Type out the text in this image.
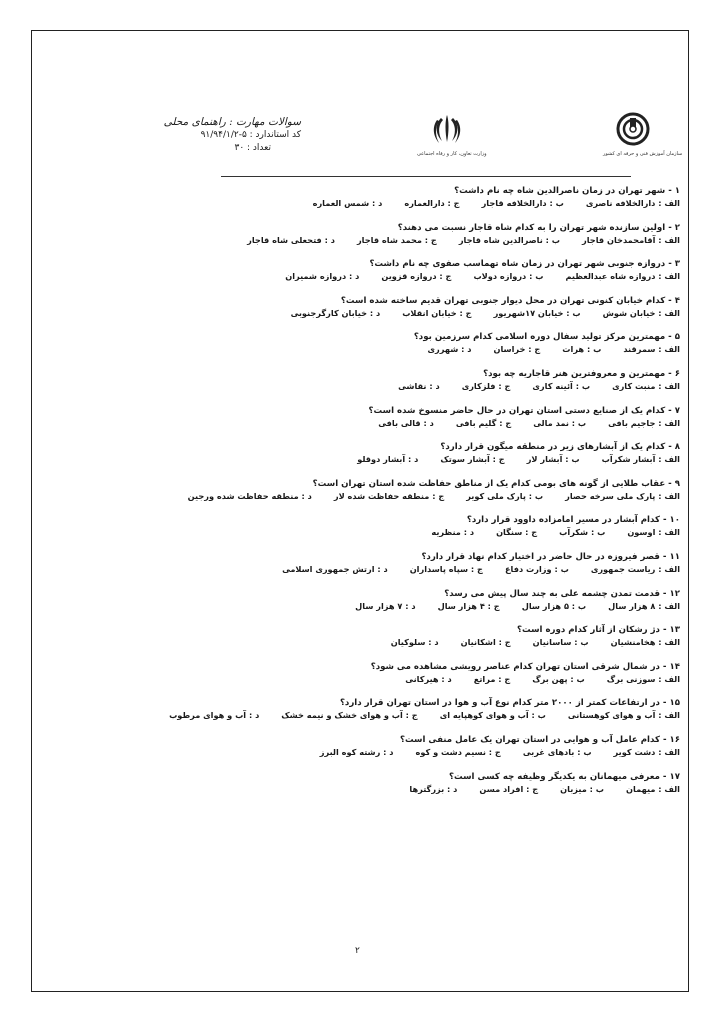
سازمان آموزش فنی و حرفه ای کشور
وزارت تعاون، کار و رفاه اجتماعی
سوالات مهارت : راهنمای محلی
کد استاندارد : ۵-۹۱/۹۴/۱/۲
تعداد : ۳۰
۱ - شهر تهران در زمان ناصرالدین شاه چه نام داشت؟
الف : دارالخلافه ناصریب : دارالخلافه قاجارج : دارالعمارهد : شمس العماره
۲ - اولین سازنده شهر تهران را به کدام شاه قاجار نسبت می دهند؟
الف : آقامحمدخان قاجارب : ناصرالدین شاه قاجارج : محمد شاه قاجارد : فتحعلی شاه قاجار
۳ - دروازه جنوبی شهر تهران در زمان شاه تهماسب صفوی چه نام داشت؟
الف : دروازه شاه عبدالعظیمب : دروازه دولابج : دروازه قزویند : دروازه شمیران
۴ - کدام خیابان کنونی تهران در محل دیوار جنوبی تهران قدیم ساخته شده است؟
الف : خیابان شوشب : خیابان ۱۷شهریورج : خیابان انقلابد : خیابان کارگرجنوبی
۵ - مهمترین مرکز تولید سفال دوره اسلامی کدام سرزمین بود؟
الف : سمرقندب : هراتج : خراساند : شهرری
۶ - مهمترین و معروفترین هنر قاجاریه چه بود؟
الف : منبت کاریب : آئینه کاریج : فلزکارید : نقاشی
۷ - کدام یک از صنایع دستی استان تهران در حال حاضر منسوخ شده است؟
الف : جاجیم بافیب : نمد مالیج : گلیم بافید : قالی بافی
۸ - کدام یک از آبشارهای زیر در منطقه میگون قرار دارد؟
الف : آبشار شکرآبب : آبشار لارج : آبشار سوتکد : آبشار دوقلو
۹ - عقاب طلایی از گونه های بومی کدام یک از مناطق حفاظت شده استان تهران است؟
الف : پارک ملی سرخه حصارب : پارک ملی کویرج : منطقه حفاظت شده لارد : منطقه حفاظت شده ورجین
۱۰ - کدام آبشار در مسیر امامزاده داوود قرار دارد؟
الف : اوسونب : شکرآبج : سنگاند : منظریه
۱۱ - قصر فیروزه در حال حاضر در اختیار کدام نهاد قرار دارد؟
الف : ریاست جمهوریب : وزارت دفاعج : سپاه پاسداراند : ارتش جمهوری اسلامی
۱۲ - قدمت تمدن چشمه علی به چند سال پیش می رسد؟
الف : ۸ هزار سالب : ۵ هزار سالج : ۴ هزار سالد : ۷ هزار سال
۱۳ - دژ رشکان از آثار کدام دوره است؟
الف : هخامنشیانب : ساسانیانج : اشکانیاند : سلوکیان
۱۴ - در شمال شرقی استان تهران کدام عناصر رویشی مشاهده می شود؟
الف : سوزنی برگب : پهن برگج : مراتعد : هیرکانی
۱۵ - در ارتفاعات کمتر از ۲۰۰۰ متر کدام نوع آب و هوا در استان تهران قرار دارد؟
الف : آب و هوای کوهستانیب : آب و هوای کوهپایه ایج : آب و هوای خشک و نیمه خشکد : آب و هوای مرطوب
۱۶ - کدام عامل آب و هوایی در استان تهران یک عامل منفی است؟
الف : دشت کویرب : بادهای غربیج : نسیم دشت و کوهد : رشته کوه البرز
۱۷ - معرفی میهمانان به یکدیگر وظیفه چه کسی است؟
الف : میهمانب : میزبانج : افراد مسند : بزرگترها
۲
